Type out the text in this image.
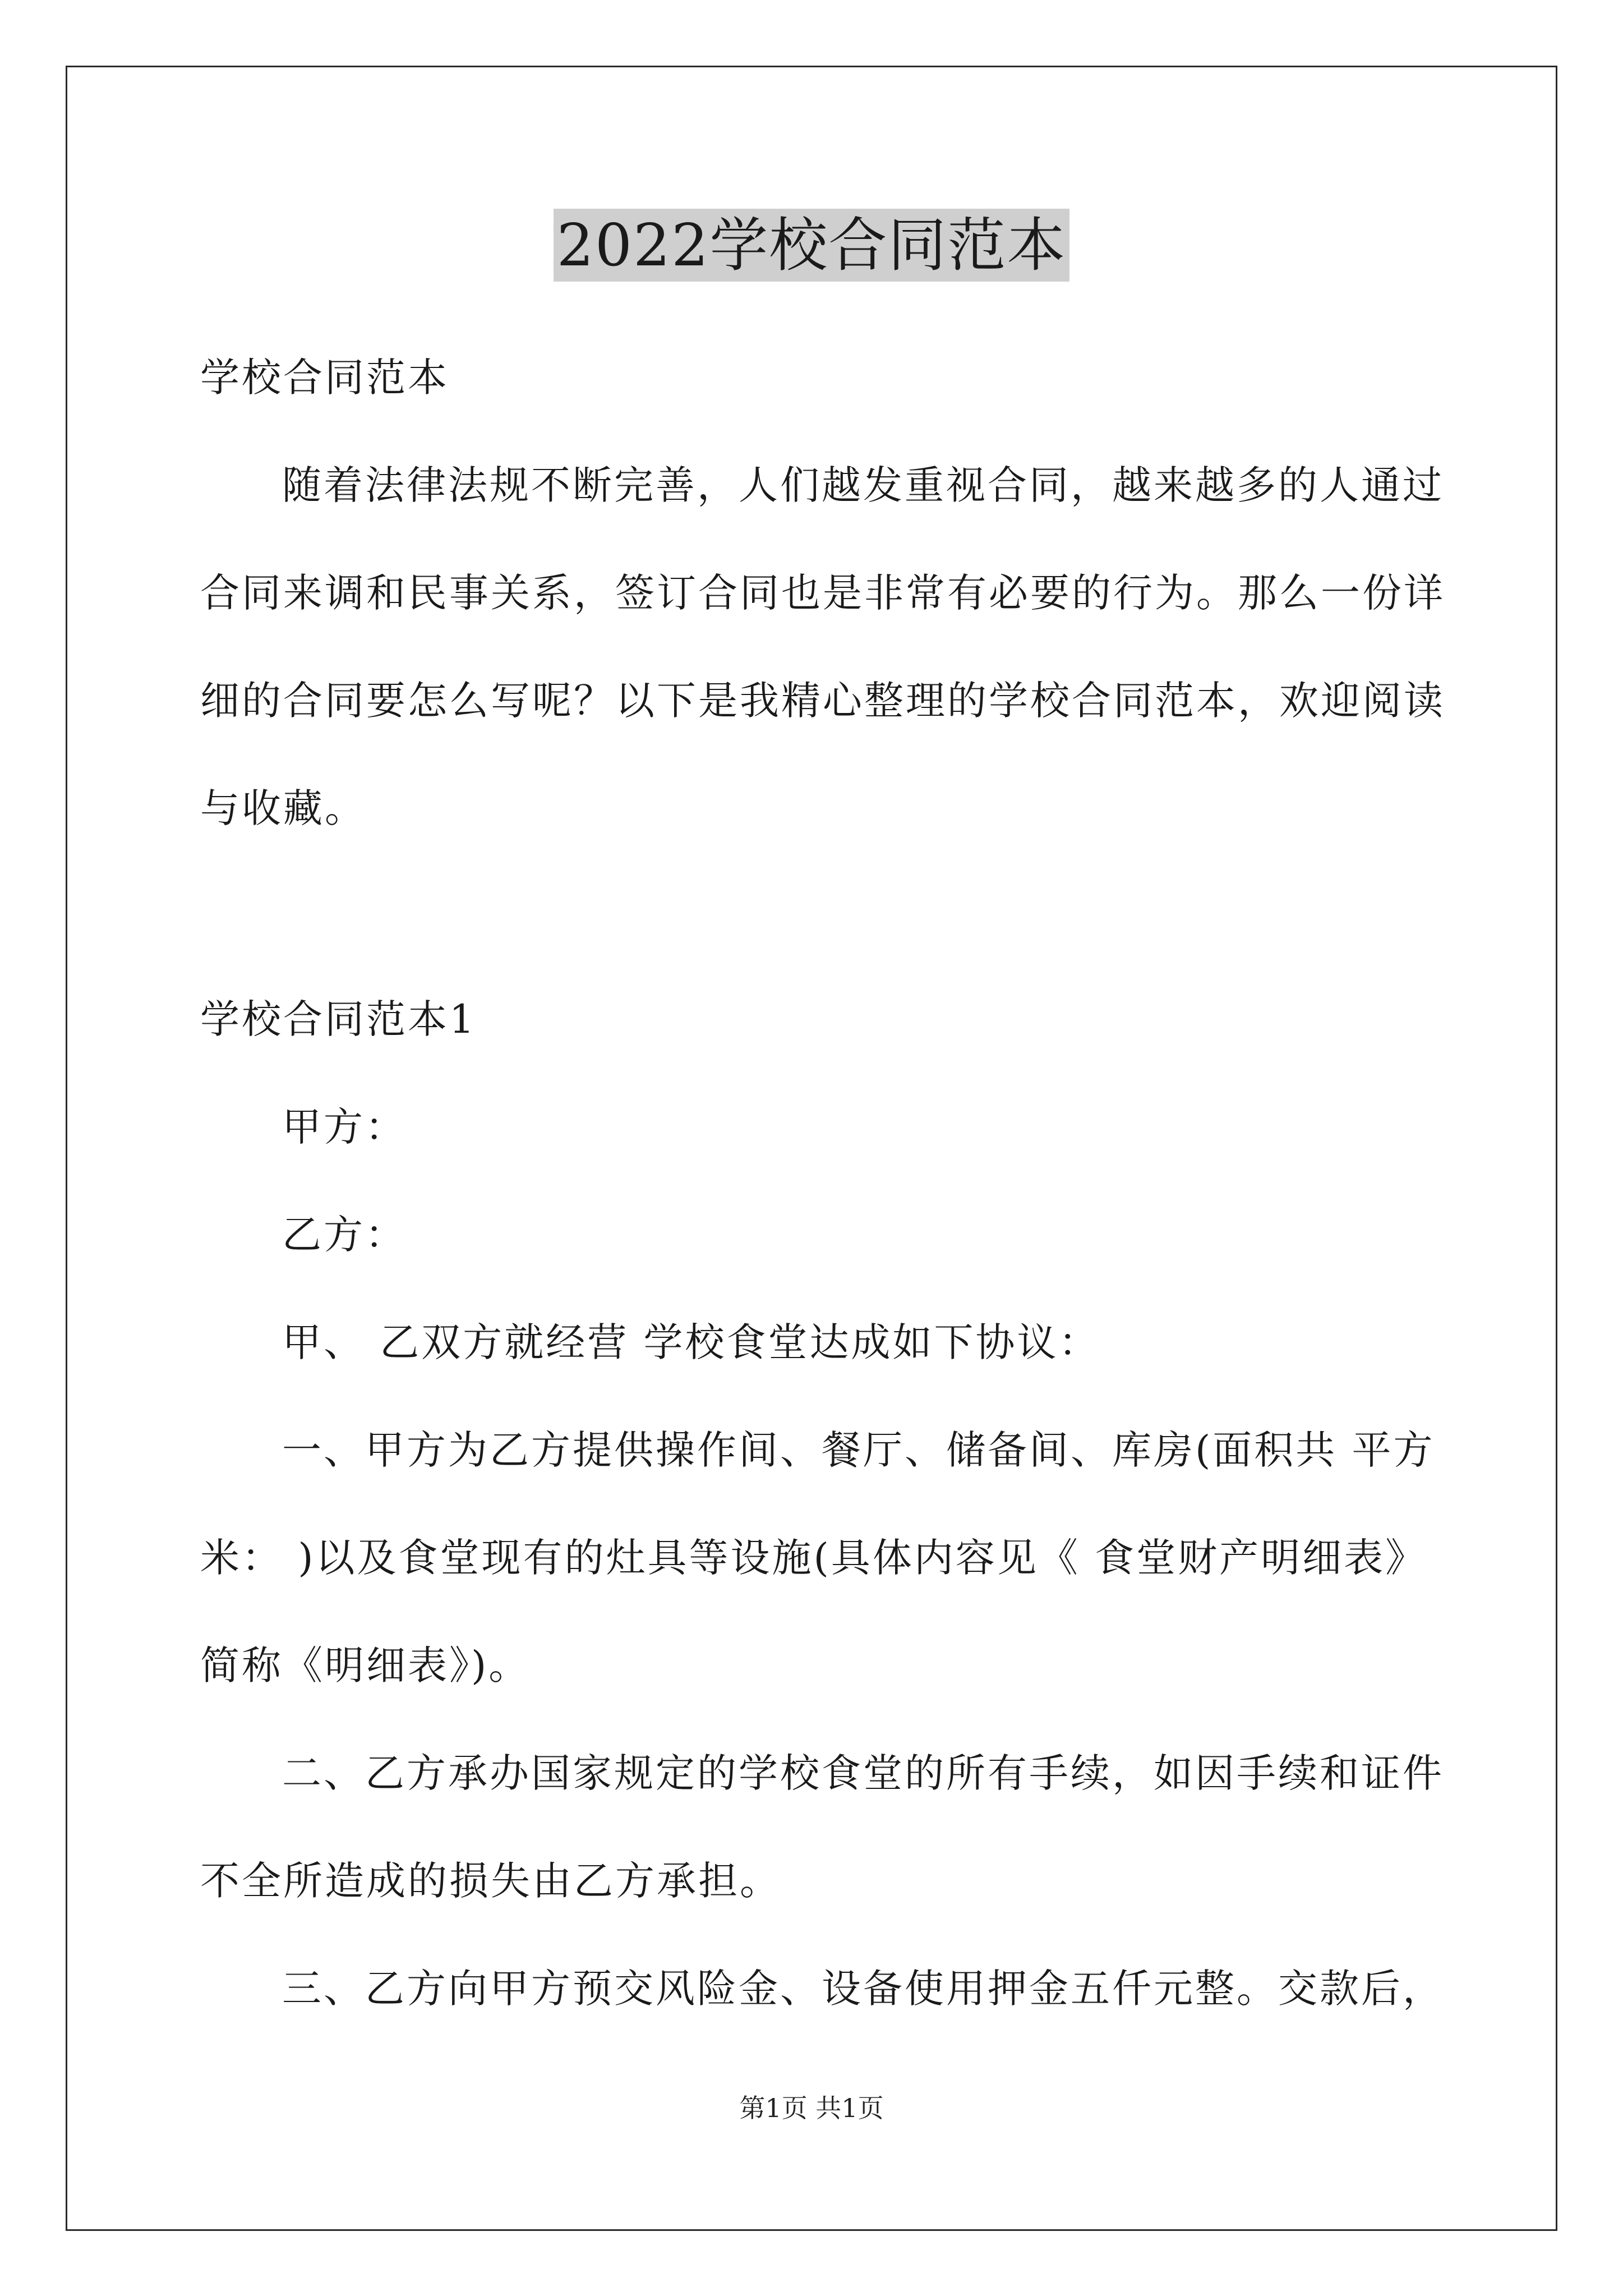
2022学校合同范本
学校合同范本
随着法律法规不断完善，人们越发重视合同，越来越多的人通过
合同来调和民事关系，签订合同也是非常有必要的行为。那么一份详
细的合同要怎么写呢？以下是我精心整理的学校合同范本，欢迎阅读
与收藏。
学校合同范本1
甲方：
乙方：
甲、 乙双方就经营 学校食堂达成如下协议：
一、甲方为乙方提供操作间、餐厅、储备间、库房(面积共 平方
米： )以及食堂现有的灶具等设施(具体内容见《 食堂财产明细表》
简称《明细表》)。
二、乙方承办国家规定的学校食堂的所有手续，如因手续和证件
不全所造成的损失由乙方承担。
三、乙方向甲方预交风险金、设备使用押金五仟元整。交款后，
第1页 共1页
